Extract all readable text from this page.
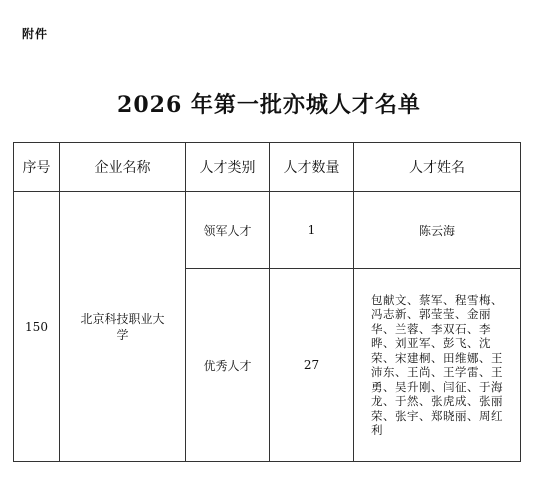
附件
2026 年第一批亦城人才名单
序号	企业名称	人才类别	人才数量	人才姓名
150	北京科技职业大学	领军人才	1	陈云海
		优秀人才	27	包献文、蔡军、程雪梅、冯志新、郭莹莹、金丽华、兰蓉、李双石、李晔、刘亚军、彭飞、沈荣、宋建桐、田维娜、王沛东、王尚、王学雷、王勇、吴升刚、闫征、于海龙、于然、张虎成、张丽荣、张宇、郑晓丽、周红利
